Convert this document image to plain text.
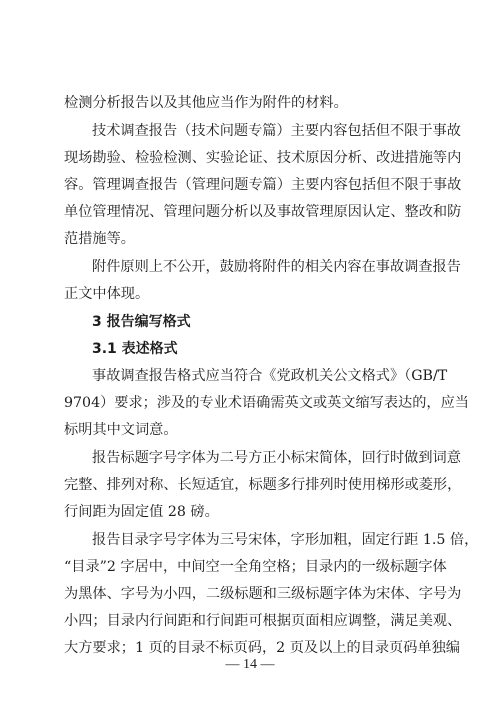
检测分析报告以及其他应当作为附件的材料。
技术调查报告（技术问题专篇）主要内容包括但不限于事故
现场勘验、检验检测、实验论证、技术原因分析、改进措施等内
容。管理调查报告（管理问题专篇）主要内容包括但不限于事故
单位管理情况、管理问题分析以及事故管理原因认定、整改和防
范措施等。
附件原则上不公开，鼓励将附件的相关内容在事故调查报告
正文中体现。
3 报告编写格式
3.1 表述格式
事故调查报告格式应当符合《党政机关公文格式》（GB/T
9704）要求；涉及的专业术语确需英文或英文缩写表达的，应当
标明其中文词意。
报告标题字号字体为二号方正小标宋简体，回行时做到词意
完整、排列对称、长短适宜，标题多行排列时使用梯形或菱形，
行间距为固定值 28 磅。
报告目录字号字体为三号宋体，字形加粗，固定行距 1.5 倍，
“目录”2 字居中，中间空一全角空格；目录内的一级标题字体
为黑体、字号为小四，二级标题和三级标题字体为宋体、字号为
小四；目录内行间距和行间距可根据页面相应调整，满足美观、
大方要求；1 页的目录不标页码，2 页及以上的目录页码单独编
— 14 —
